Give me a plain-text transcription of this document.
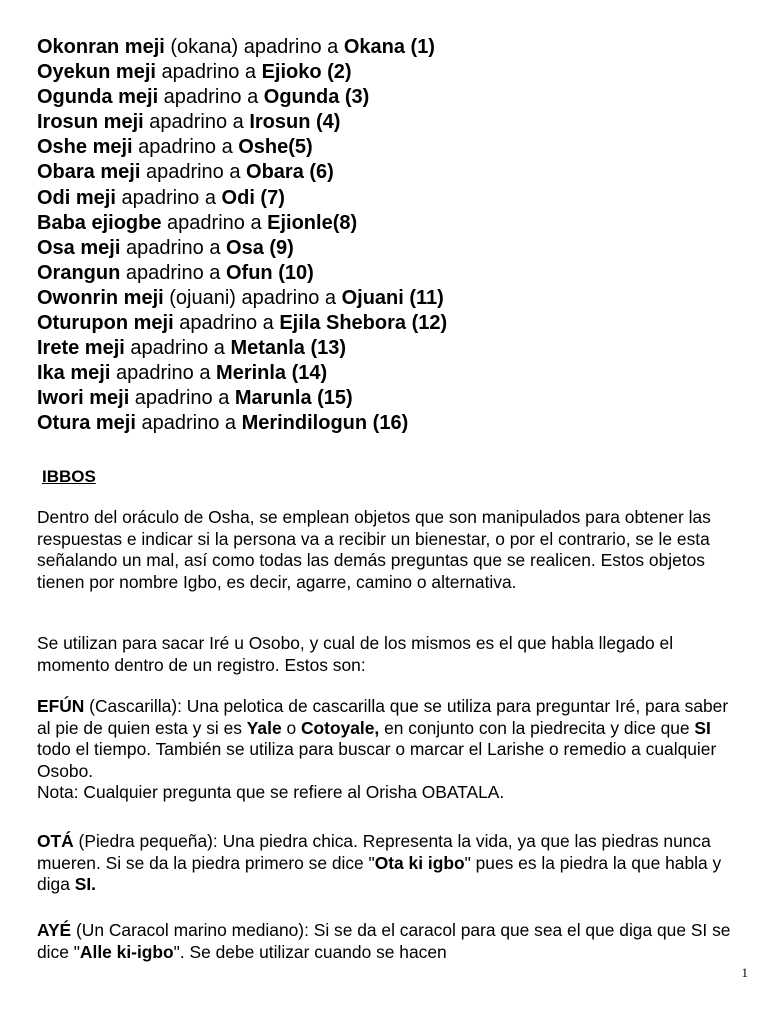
Okonran meji (okana) apadrino a Okana (1)
Oyekun meji apadrino a Ejioko (2)
Ogunda meji apadrino a Ogunda (3)
Irosun meji apadrino a Irosun (4)
Oshe meji apadrino a Oshe(5)
Obara meji apadrino a Obara (6)
Odi meji apadrino a Odi (7)
Baba ejiogbe apadrino a Ejionle(8)
Osa meji apadrino a Osa (9)
Orangun apadrino a Ofun (10)
Owonrin meji (ojuani) apadrino a Ojuani (11)
Oturupon meji apadrino a Ejila Shebora (12)
Irete meji apadrino a Metanla (13)
Ika meji apadrino a Merinla (14)
Iwori meji apadrino a Marunla (15)
Otura meji apadrino a Merindilogun (16)
IBBOS
Dentro del oráculo de Osha, se emplean objetos que son manipulados para obtener las respuestas e indicar si la persona va a recibir un bienestar, o por el contrario, se le esta señalando un mal, así como todas las demás preguntas que se realicen. Estos objetos tienen por nombre Igbo, es decir, agarre, camino o alternativa.
Se utilizan para sacar Iré u Osobo, y cual de los mismos es el que habla llegado el momento dentro de un registro. Estos son:
EFÚN (Cascarilla): Una pelotica de cascarilla que se utiliza para preguntar Iré, para saber al pie de quien esta y si es Yale o Cotoyale, en conjunto con la piedrecita y dice que SI todo el tiempo. También se utiliza para buscar o marcar el Larishe o remedio a cualquier Osobo.
Nota: Cualquier pregunta que se refiere al Orisha OBATALA.
OTÁ (Piedra pequeña): Una piedra chica. Representa la vida, ya que las piedras nunca mueren. Si se da la piedra primero se dice "Ota ki igbo" pues es la piedra la que habla y diga SI.
AYÉ (Un Caracol marino mediano): Si se da el caracol para que sea el que diga que SI se dice "Alle ki-igbo". Se debe utilizar cuando se hacen
1
